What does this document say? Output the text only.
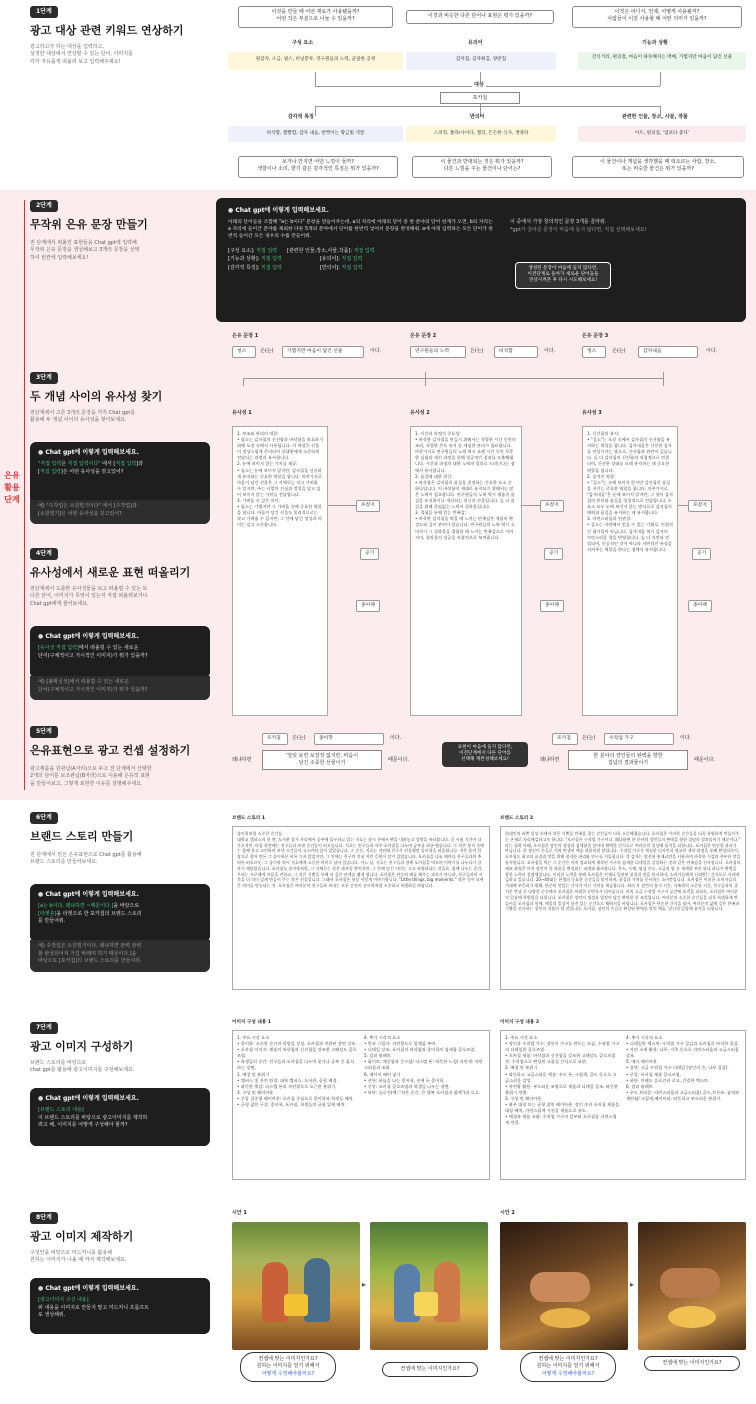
은유
활용
단계
1단계
광고 대상 관련 키워드 연상하기
광고하고자 하는 대상을 입력하고,
설정한 대상에서 연상할 수 있는 단어, 이미지를
각각 자유롭게 떠올려 보고 입력해주세요!
이것을 만들 때 어떤 재료가 사용됐을까?
어떤 작은 부분으로 나눌 수 있을까?	이것과 비슷한 다른 단어나 표현은 뭐가 있을까?
이것은 어디서, 언제, 어떻게 사용될까?
사람들이 이걸 사용할 때 어떤 의미가 있을까?
구성 요소	유의어	기능과 상황
원감자, 소금, 필스, 비닐봉투, 연구원들의 노력, 균일한 공정	감자칩, 감자튀김, 양반칩	간식거리, 편의점, 마음이 따뜻해지는 맥베, 가볍지만 마음이 담긴 선물
대상
포카칩
감각적 특징	반의어	관련한 인물, 장소, 사물, 작품
바삭함, 짭짤함, 감자 내음, 반짝이는 황금빛 색깔	스피킹, 쫄라/사이다, 젤리, 든든한 식사, 생양파	아트, 편의점, '엄보다 좋다'
보거나 만지면 어떤 느낌이 들까?
색깔이나 소리, 향기 같은 감각적인 특징은 뭐가 있을까?
이 물건과 반대되는 것은 뭐가 있을까?
다른 느낌을 주는 물건이나 단어는?
이 물건이나 개념을 생각했을 때 떠오르는 사람, 장소,
또는 비슷한 물건은 뭐가 있을까?
2단계
무작위 은유 문장 만들기
전 단계에서 떠올린 표현들을 Chat gpt에 입력해
무작위 은유 문장을 생성해보고 3개의 문장을 선택
하여 빈칸에 입력해보세요!
● Chat gpt에 이렇게 입력해보세요.
아래의 단어들을 조합해 "a는 b이다" 문장을 만들어주는데, a의 자리에 아래의 단어 중 한 분야의 단어 한개가 오면, b의 자리는 a 자리에 들어간 분야를 제외한 다른 5개의 분야에서 단어를 한번씩 넣어서 문장을 완성해줘. a에 아래 입력하는 모든 단어가 한번씩 들어간 모든 경우의 수를 만들어줘.
[구성 요소]: 직접 입력 [관련한 인물,장소,사물,작품]: 직접 입력
[기능과 상황]: 직접 입력	[유의어]: 직접 입력
[감각적 특징]: 직접 입력	[반의어]: 직접 입력
이 중에서 가장 창의적인 문장 3개를 골라줘.
*gpt가 골라준 문장이 마음에 들지 않다면, 직접 선택해보세요!
생성된 문장이 마음에 들지 않다면,
이전단계로 돌아가 새로운 단어들을
연상시켜본 후 다시 시도해보세요!
은유 문장 1
청소	은(는)	가볍지만 마음이 담긴 선물	이다.
은유 문장 2
연구원들의 노력	은(는)	바삭함	이다.
은유 문장 3
청소	은(는)	감자내음	이다.
3단계
두 개념 사이의 유사성 찾기
전단계에서 고른 3개의 문장을 각각 Chat gpt를
활용해 두 개념 사이의 유사성을 찾아보세요.
● Chat gpt에 이렇게 입력해보세요.
"직접 입력은 직접 입력이다" 에서 [직접 입력]과
[직접 입력]은 어떤 유사성을 갖고있어?
예) "수작업은 소원빌기이다" 에서 [수작업]과
[소원빌기]은 어떤 유사성을 갖고있어?
유사성 1	유사성 2	유사성 3
1. 보조와 관리의 역할:
• 필소는 감자칩의 신선함과 바삭함을 보호하기 위해 포장 속에서 사용됩니다. 이 역할은 선물이 정성스럽게 준비되어 상대방에게 소중하게 전달되는 과정과 유사합니다.
2. 눈에 보이지 않는 가치를 제공:
• 필소는 눈에 보이지 않지만, 감자칩을 신선하게 유지하는 중요한 역할을 합니다. 마찬가지로 마음이 담긴 선물은 그 자체로는 작고 가벼울 수 있지만, 주는 사람의 진심과 정성을 담고 있어 보이지 않는 가치를 전달합니다.
3. 가벼움 속 깊은 의미:
• 필소는 가볍지만 그 가벼움 속에 중요한 역할을 합니다. 마음이 담긴 선물도 물리적으로는 작고 가벼울 수 있지만, 그 안에 담긴 정성과 의미는 깊고 소중합니다.
1. 시간과 과정의 중요성:
• 바삭한 감자칩을 만들기 위해서는 적절한 시간 동안의 조리, 적절한 온도 유지 등 세심한 관리가 필요합니다. 마찬가지로 연구원들의 노력 역시 오랜 시간 동안 꾸준한 실험과 개선 과정을 통해 성공적인 결과를 도출해냅니다. 시간과 과정의 대한 노력의 결과로 드러난다는 점에서 유사합니다.
2. 품질에 대한 헌신:
• 바삭함은 감자칩의 품질을 결정하는 중요한 요소 중 하나입니다. 이 바삭함이 제대로 유지되기 위해서는 많은 노력이 필요합니다. 연구원들의 노력 역시 제품의 품질을 유지하거나 개선하는 헌신의 산물입니다. 둘 다 품질을 위해 끊임없는 노력이 결과물입니다.
3. 경험을 통해 얻는 만족감:
• 바삭한 감자칩을 먹을 때 느끼는 만족감은 제품의 완성도와 깊이 관련이 있습니다. 연구원들의 노력 역시 소비자가 그 결과물을 경험할 때 느끼는 만족감으로 이어지며, 결과물의 성공을 직접적으로 보여줍니다.
1. 신선함의 유지:
• "질소"는 포장 속에서 감자칩의 신선함을 유지하는 역할을 합니다. 감자내음은 신선한 감자를 연상시키는 향으로, 신선함과 관련이 깊습니다. 둘 다 감자칩의 신선함과 직접적으로 연결되어, 신선한 상태를 오래 유지하는 데 중요한 역할을 합니다.
2. 숨겨진 역할:
• "질소"는 눈에 보이지 않지만 감자칩의 품질을 지키는 중요한 역할을 합니다. 마찬가지로 "감자내음"은 눈에 보이지 않지만, 그 향이 감자칩의 풍미와 품질을 상징적으로 전달합니다. 두 요소 모두 눈에 보이지 않는 방식으로 감자칩의 매력과 품질을 유지하는 데 유지합니다.
3. 자연스러움과 연관성:
• 질소는 자연에서 얻을 수 있는 기체로, 인위적인 첨가물이 아닙니다. 감자내음 역시 감자의 자연스러운 향을 반영합니다. 둘 다 자연과 연결되어, 인공적인 것이 아니라 자연적인 특징을 지켜주는 역할을 한다는 점에서 유사합니다.
포장지
공기
종이팩
포장지
공기
종이팩
포장지
공기
종이팩
4단계
유사성에서 새로운 표현 떠올리기
전단계에서 도출한 유사성들을 보고 떠올릴 수 있는 또
다른 단어, 이미지가 무엇이 있는지 직접 떠올려보거나
Chat gpt에게 물어보세요.
● Chat gpt에 이렇게 입력해보세요.
[유사성 직접 입력]에서 떠올릴 수 있는 새로운
단어(구체적이고 가시적인 이미지)가 뭐가 있을까?
예) [불확실성]에서 떠올릴 수 있는 새로운
단어(구체적이고 가시적인 이미지)가 뭐가 있을까?
5단계
은유표현으로 광고 컨셉 설정하기
광고제품을 원관념(A자리)으로 두고 전 단계에서 선택한
2개의 단어를 보조관념(B자리)으로 이용해 은유적 표현
을 만들어보고, 그렇게 표현한 이유를 설명해주세요.
포카칩	은(는)	종이학	이다.
왜냐하면
'열릿 보면 보잘것 없지만, 마음이
담긴 소중한 선물이기	때문이다.
표현이 마음에 들지 않다면,
이전단계에서 다른 단어를
선택해 재완성해보세요!
포카칩	은(는)	수작업 가구	이다.
왜냐하면
한 분야의 장인들의 완벽을 향한
집념의 결과물이기	때문이다.
6단계
브랜드 스토리 만들기
전 단계에서 만든 은유표현으로 Chat gpt를 활용해
브랜드 스토리를 만들어보세요.
● Chat gpt에 이렇게 입력해보세요.
[a는 b이다, 왜냐하면 ~때문이다.]을 바탕으로
[타겟층]을 타겟으로 한 포카칩의 브랜드 스토리
를 만들어줘.
예) 수작업은 소원빌기이다, 왜냐하면 완벽 완벽
할 완성되어져 가길 바래며 하기 때문이다.]을
바탕으로 [포카칩]의 브랜드 스토리를 만들어줘.
브랜드 스토리 1
종이학처럼 소중한 순간들
대학교 캠퍼스의 한 켠, 도서관 창가 자리에서 공부에 몰두하고 있는 지호는 잠시 손에서 펜을 내려놓고 창밖을 바라봅니다. 곧 시험 기간이 다가오지만, 마음 한켠에는 친구들과 보낸 순간들이 떠오릅니다. 지호는 친구들과 자주 포카칩을 나누며 공부를 하곤 했습니다. 그 작은 봉지 속에는 함께 웃고 고민하며 보낸 시간들이 고스란히 담겨 있었습니다. 그 순간, 지호는 작년에 친구가 선물했던 종이학을 떠올립니다. 작은 종이 한 장으로 접어 만든 그 종이학은 비록 크지 않았지만, 그 안에는 친구의 진심 어린 응원이 담겨 있었습니다. 포카칩을 나눌 때마다 친구들과의 추억이 떠오르듯, 그 종이학 역시 지호에게 소중한 의미로 남아 있습니다. 어느 날, 지호는 친구들과 함께 포카칩을 먹으며 이야기를 나누다가 갑자기 깨달았습니다. 포카칩도 종이학처럼, 그 자체로는 작은 과자일 뿐이지만, 그 안에 담긴 의미는 크고 특별하다는 것을요. 함께 나누는 순간, 우리는 서로에게 마음을 전하고, 그 작은 기쁨을 통해 더 깊은 관계를 맺게 됩니다. 포카칩은 단순히 배를 채우는 과자가 아니라, 친구들과의 시간을 더 의미 있게 만들어 주는 작은 선물입니다. 그래서 포카칩은 항상 이렇게 이야기합니다. "Little things, big moments." 작은 것이 모여 큰 의미를 만든다는 것. 포카칩은 여러분이 친구들과 보내는 모든 순간이 종이학처럼 소중하고 특별하길 바랍니다.
브랜드 스토리 2
현대인의 바쁜 일상 속에서 작은 기쁨을 만족을 찾는 순간들이 더욱 소중해졌습니다. 포카칩은 이러한 순간들을 더욱 특별하게 만들어주는 존재로 자리매김하고자 합니다. "포카칩은 수작업 가구이다. 왜냐하면 한 분야의 장인들의 완벽을 향한 집념의 결과물이기 때문이다." 라는 철학 아래, 포카칩은 장인의 정성과 섬세함을 담아내 완벽한 간식으로 여러분의 일상에 품격을 더합니다. 포카칩은 단순한 과자가 아닙니다. 한 장인이 손길로 거쳐 탄생된 예술 작품처럼 말입니다. 수작업 가구가 세심한 디자인과 정교한 제작 과정을 통해 완성되듯이, 포카칩도 최고의 품질과 맛을 위해 철저한 관리와 연구를 거듭합니다. 각 감자는 엄선된 원재료만을 사용하며 바삭한 식감과 풍부한 맛을 유지합니다. 포카칩을 먹는 그 순간은 마치 정교하게 제작된 가구의 섬세한 디테일을 감상하는 것과 같은 만족감을 선사합니다. 포카칩의 제조 과정은 마치 장인이 한 작품을 완성하는 과정과 흡사합니다. 온도, 두께, 튀김 온도, 소금의 양 등 세세한 부분 하나 하나가 완벽을 향한 노력의 결정체입니다. 이러한 노력을 통해 포카칩은 언제나 일관된 품질과 맛을 유지하며, 소비자들에게 신뢰받는 간식으로 자리매김하고 있습니다. 20~40대는 현생의 중요한 순간들을 맞이하며, 품질과 가치를 중시하는 소비층입니다. 포카칩은 이러한 소비자들의 기대에 부응하기 위해, 단순히 맛있는 간식이 아닌 가치를 제공합니다. 회의 후 잠깐의 휴식 시간, 가족과의 소중한 시간, 친구들과의 즐거운 만남 등 다양한 순간에서 포카칩은 특별한 동반자가 되어줍니다. 마치 고급 수작업 가구가 공간에 품격을 더하듯, 포카칩은 여러분의 일상에 특별함을 더합니다. 포카칩은 장인의 정성과 열정이 담긴 완벽한 한 조각입니다. 여러분의 소중한 순간들을 더욱 특별하게 만들어줄 포카칩과 함께, 매일의 일상이 품격 있는 순간으로 채워지길 바랍니다. 포카칩은 단순한 간식을 넘어, 여러분의 삶에 깊은 만족과 기쁨을 선사하는 장인의 작품이 될 것입니다. 포카칩, 장인의 손길로 완성된 완벽한 맛의 예술. 당신의 일상에 품격을 더합니다.
7단계
광고 이미지 구성하기
브랜드 스토리를 바탕으로
chat gpt를 활용해 광고이미지를 구성해보세요.
● Chat gpt에 이렇게 입력해보세요.
[브랜드 스토리 내용]
이 브랜드 스토리를 바탕으로 광고이미지를 제작하
려고 해, 이미지를 어떻게 구성해야 할까?
이미지 구성 내용 1
1. 주요 시각 요소
• 종이학: 소중한 순간과 희망을 상징. 포카칩과 연관된 장면 강조.
• 포카칩 이미지: 제품의 바삭함과 신선함을 강조한 고해상도 클로즈업.
• 학생들의 순간: 친구들과 포카칩을 나누며 웃거나 공부 중 휴식하는 장면.
2. 배경 및 분위기
• 캠퍼스 및 자연 환경: 대학 캠퍼스, 도서관, 공원 배경.
• 따뜻한 색감: 파스텔 톤과 자연광으로 포근한 분위기.
3. 구성 및 레이아웃
• 중앙 집중형 레이아웃: 포카칩 중심으로 종이학과 학생들 배치.
• 균형 잡힌 구성: 종이학, 포카칩, 학생들의 균형 있게 배치.
4. 추가 시각적 요소
• 빛과 그림자: 자연광으로 입체감 부여.
• 디테일 강조: 포카칩의 바삭함과 종이학의 섬세함 클로즈업.
5. 컬러 팔레트
• 화이트: 깨끗함과 순수함/ 파스텔 톤: 따뜻한 느낌/ 자연색: 자연스러움과 조화
6. 메시지 배어 넣기
• 산단: 하늘을 나는 종이학, 손에 든 종이학.
• 중앙: 포카칩 클로즈업과 학생들 나누는 장면.
• 하단: 슬로건(예: "작은 순간, 큰 행복 포카칩과 함께")과 로고.
이미지 구성 내용 2
1. 주요 시각 요소
• 장인과 수작업 가구: 장인이 가구를 만드는 모습, 수작업 가구의 디테일한 클로즈업.
• 포카칩 제품: 바삭함과 신선함을 강조한 고해상도 클로즈업 샷. 수작업으로 완성된 고품질 간식으로 표현.
2. 배경 및 분위기
• 따뜻하고 고급스러운 색상: 우드 톤, 크림색, 골드 등으로 고급스러운 감성.
• 자연광 활용: 부드러운 조명으로 제품과 디테일 강조, 따뜻한 분위기 연출.
3. 구성 및 레이아웃
• 좌우 대칭 또는 균형 잡힌 레이아웃: 장인 손과 포카칩 제품을 대칭 배치, 자연스럽게 시선을 제품으로 유도.
• 배경과 제품 조화: 수작업 가구의 일부와 포카칩을 자연스럽게 연결.
4. 추가 시각적 요소
• 디테일한 텍스처: 수작업 가구 질감과 포카칩의 바삭한 질감.
• 자연 소재 활용: 나무, 가죽 등으로 자연스러움과 고급스러움 강조.
5. 메시 레이아웃
• 상단: 고급 수작업 가구 디테일 (장인의 손, 나무 질감).
• 중앙: 포카칩 제품 클로즈업.
• 하단: 브랜드 슬로건과 로고, 간결한 텍스트.
6. 컬러 팔레트
• 우드 브라운: 자연스러움과 고급스러움/ 골드,브론즈: 품격과 세련됨/ 크림색,베이브러: 따뜻하고 부드러운 분위기.
8단계
광고 이미지 제작하기
구성안을 바탕으로 미드저니를 활용해
원하는 이미지가 나올 때 까지 제작해보세요.
● Chat gpt에 이렇게 입력해보세요.
[광고이미지 구성 내용]
위 내용을 이미지로 만들지 말고 미드저니 프롬프트
로 생성해줘.
시안 1
▸
시안 2
▸
컨셉에 맞는 이미지인가요?
원하는 이미지를 얻기 위해서
어떻게 수정해야할까요?
컨셉에 맞는 이미지인가요?
컨셉에 맞는 이미지인가요?
원하는 이미지를 얻기 위해서
어떻게 수정해야할까요?
컨셉에 맞는 이미지인가요?
